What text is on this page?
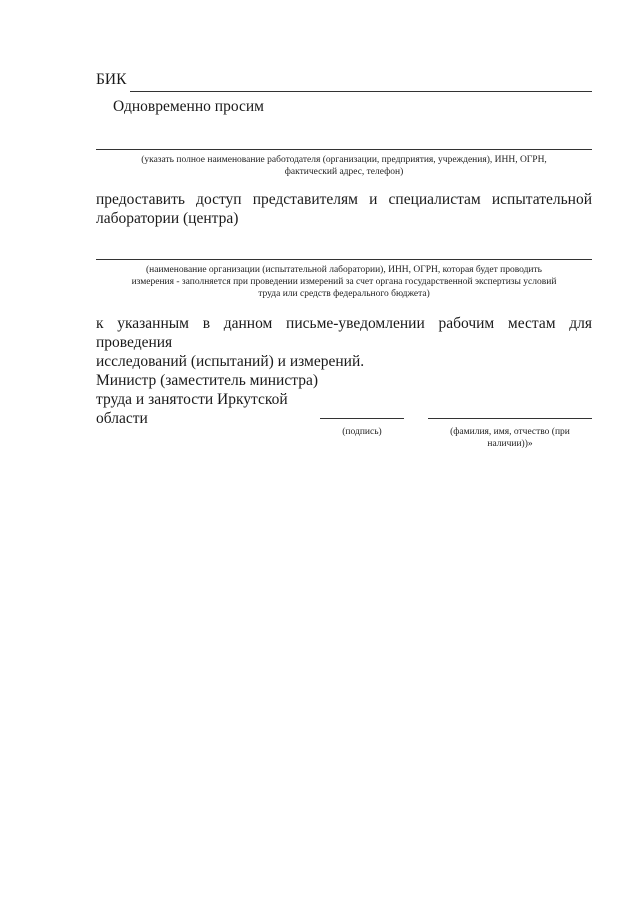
БИК
Одновременно просим
(указать полное наименование работодателя (организации, предприятия, учреждения), ИНН, ОГРН,
фактический адрес, телефон)
предоставить доступ представителям и специалистам испытательной
лаборатории (центра)
(наименование организации (испытательной лаборатории), ИНН, ОГРН, которая будет проводить
измерения - заполняется при проведении измерений за счет органа государственной экспертизы условий
труда или средств федерального бюджета)
к указанным в данном письме-уведомлении рабочим местам для проведения
исследований (испытаний) и измерений.
Министр (заместитель министра)
труда и занятости Иркутской
области
(подпись)	(фамилия, имя, отчество (при
наличии))»
